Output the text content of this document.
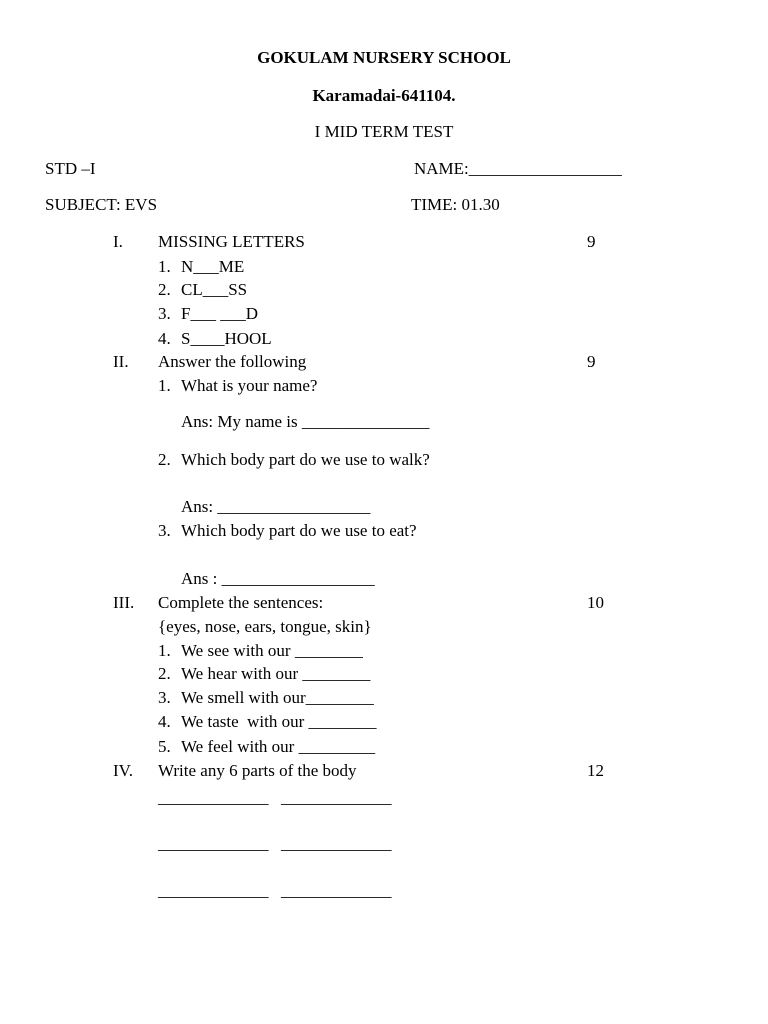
GOKULAM NURSERY SCHOOL
Karamadai-641104.
I MID TERM TEST
STD –I	NAME:__________________
SUBJECT: EVS	TIME: 01.30
I. MISSING LETTERS	9
1. N___ME
2. CL___SS
3. F___ ___D
4. S____HOOL
II. Answer the following	9
1. What is your name?
Ans: My name is _______________
2. Which body part do we use to walk?
Ans: __________________
3. Which body part do we use to eat?
Ans : __________________
III. Complete the sentences:	10
{eyes, nose, ears, tongue, skin}
1. We see with our ________
2. We hear with our ________
3. We smell with our________
4. We taste  with our ________
5. We feel with our _________
IV. Write any 6 parts of the body	12
_____________ _____________
_____________ _____________
_____________ _____________
